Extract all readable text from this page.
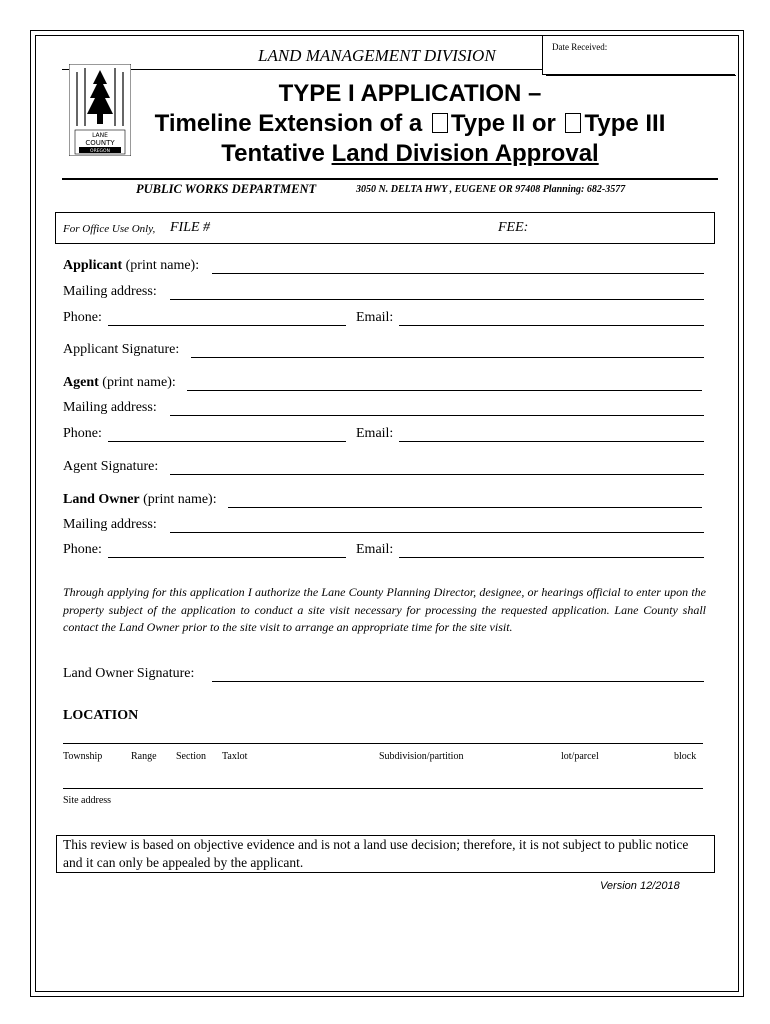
LAND MANAGEMENT DIVISION	Date Received:
LANE
COUNTY
OREGON
TYPE I APPLICATION –
Timeline Extension of a Type II or Type III
Tentative Land Division Approval
PUBLIC WORKS DEPARTMENT	3050 N. DELTA HWY , EUGENE OR 97408 Planning: 682-3577
For Office Use Only, FILE #	FEE:
Applicant (print name):
Mailing address:
Phone:	Email:
Applicant Signature:
Agent (print name):
Mailing address:
Phone:	Email:
Agent Signature:
Land Owner (print name):
Mailing address:
Phone:	Email:
Through applying for this application I authorize the Lane County Planning Director, designee, or hearings official to enter upon the property subject of the application to conduct a site visit necessary for processing the requested application. Lane County shall contact the Land Owner prior to the site visit to arrange an appropriate time for the site visit.
Land Owner Signature:
LOCATION
Township	Range Section Taxlot	Subdivision/partition	lot/parcel	block
Site address
This review is based on objective evidence and is not a land use decision; therefore, it is not subject to public notice and it can only be appealed by the applicant.
Version 12/2018
